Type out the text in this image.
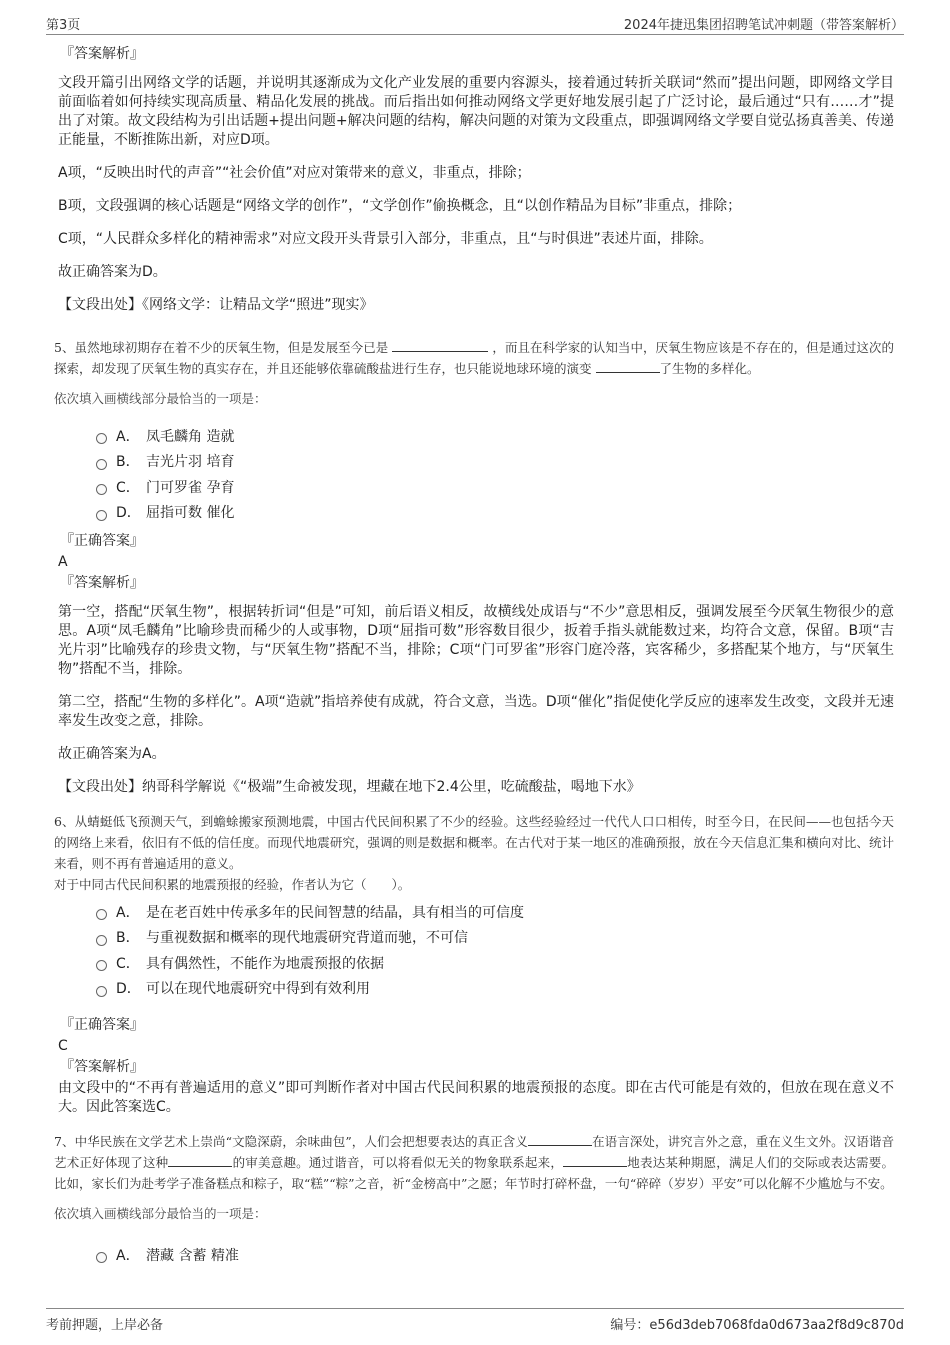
第3页	2024年捷迅集团招聘笔试冲刺题（带答案解析）
『答案解析』

文段开篇引出网络文学的话题，并说明其逐渐成为文化产业发展的重要内容源头，接着通过转折关联词“然而”提出问题，即网络文学目前面临着如何持续实现高质量、精品化发展的挑战。而后指出如何推动网络文学更好地发展引起了广泛讨论，最后通过“只有……才”提出了对策。故文段结构为引出话题+提出问题+解决问题的结构，解决问题的对策为文段重点，即强调网络文学要自觉弘扬真善美、传递正能量，不断推陈出新，对应D项。

A项，“反映出时代的声音”“社会价值”对应对策带来的意义，非重点，排除；

B项，文段强调的核心话题是“网络文学的创作”，“文学创作”偷换概念，且“以创作精品为目标”非重点，排除；

C项，“人民群众多样化的精神需求”对应文段开头背景引入部分，非重点，且“与时俱进”表述片面，排除。

故正确答案为D。

【文段出处】《网络文学：让精品文学“照进”现实》

5、虽然地球初期存在着不少的厌氧生物，但是发展至今已是	，而且在科学家的认知当中，厌氧生物应该是不存在的，但是通过这次的探索，却发现了厌氧生物的真实存在，并且还能够依靠硫酸盐进行生存，也只能说地球环境的演变	了生物的多样化。

依次填入画横线部分最恰当的一项是：

A． 凤毛麟角 造就
B． 吉光片羽 培育
C． 门可罗雀 孕育
D． 屈指可数 催化
『正确答案』
A
『答案解析』

第一空，搭配“厌氧生物”，根据转折词“但是”可知，前后语义相反，故横线处成语与“不少”意思相反，强调发展至今厌氧生物很少的意思。A项“凤毛麟角”比喻珍贵而稀少的人或事物，D项“屈指可数”形容数目很少，扳着手指头就能数过来，均符合文意，保留。B项“吉光片羽”比喻残存的珍贵文物，与“厌氧生物”搭配不当，排除；C项“门可罗雀”形容门庭冷落，宾客稀少，多搭配某个地方，与“厌氧生物”搭配不当，排除。

第二空，搭配“生物的多样化”。A项“造就”指培养使有成就，符合文意，当选。D项“催化”指促使化学反应的速率发生改变，文段并无速率发生改变之意，排除。

故正确答案为A。

【文段出处】纳哥科学解说《“极端”生命被发现，埋藏在地下2.4公里，吃硫酸盐，喝地下水》

6、从蜻蜓低飞预测天气，到蟾蜍搬家预测地震，中国古代民间积累了不少的经验。这些经验经过一代代人口口相传，时至今日，在民间——也包括今天的网络上来看，依旧有不低的信任度。而现代地震研究，强调的则是数据和概率。在古代对于某一地区的准确预报，放在今天信息汇集和横向对比、统计来看，则不再有普遍适用的意义。

对于中同古代民间积累的地震预报的经验，作者认为它（　　）。

A． 是在老百姓中传承多年的民间智慧的结晶，具有相当的可信度
B． 与重视数据和概率的现代地震研究背道而驰，不可信
C． 具有偶然性，不能作为地震预报的依据
D． 可以在现代地震研究中得到有效利用
『正确答案』
C
『答案解析』

由文段中的“不再有普遍适用的意义”即可判断作者对中国古代民间积累的地震预报的态度。即在古代可能是有效的，但放在现在意义不大。因此答案选C。

7、中华民族在文学艺术上崇尚“文隐深蔚，余味曲包”，人们会把想要表达的真正含义	在语言深处，讲究言外之意，重在义生文外。汉语谐音艺术正好体现了这种	的审美意趣。通过谐音，可以将看似无关的物象联系起来，	地表达某种期愿，满足人们的交际或表达需要。比如，家长们为赴考学子准备糕点和粽子，取“糕”“粽”之音，祈“金榜高中”之愿；年节时打碎杯盘，一句“碎碎（岁岁）平安”可以化解不少尴尬与不安。

依次填入画横线部分最恰当的一项是：

A． 潜藏 含蓄 精准
考前押题，上岸必备	编号：e56d3deb7068fda0d673aa2f8d9c870d
